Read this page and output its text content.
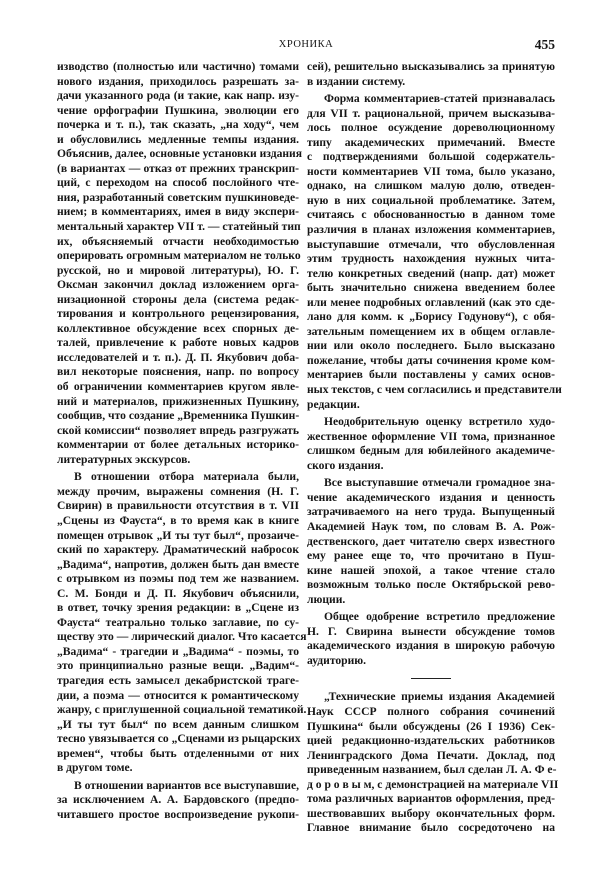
ХРОНИКА	455
изводство (полностью или частично) томами
нового издания, приходилось разрешать за-
дачи указанного рода (и такие, как напр. изу-
чение орфографии Пушкина, эволюции его
почерка и т. п.), так сказать, „на ходу“, чем
и обусловились медленные темпы издания.
Объяснив, далее, основные установки издания
(в вариантах — отказ от прежних транскрип-
ций, с переходом на способ послойного чте-
ния, разработанный советским пушкиноведе-
нием; в комментариях, имея в виду экспери-
ментальный характер VII т. — статейный тип
их, объясняемый отчасти необходимостью
оперировать огромным материалом не только
русской, но и мировой литературы), Ю. Г.
Оксман закончил доклад изложением орга-
низационной стороны дела (система редак-
тирования и контрольного рецензирования,
коллективное обсуждение всех спорных де-
талей, привлечение к работе новых кадров
исследователей и т. п.). Д. П. Якубович доба-
вил некоторые пояснения, напр. по вопросу
об ограничении комментариев кругом явле-
ний и материалов, прижизненных Пушкину,
сообщив, что создание „Временника Пушкин-
ской комиссии“ позволяет впредь разгружать
комментарии от более детальных историко-
литературных экскурсов.
В отношении отбора материала были,
между прочим, выражены сомнения (Н. Г.
Свирин) в правильности отсутствия в т. VII
„Сцены из Фауста“, в то время как в книге
помещен отрывок „И ты тут был“, прозаиче-
ский по характеру. Драматический набросок
„Вадима“, напротив, должен быть дан вместе
с отрывком из поэмы под тем же названием.
С. М. Бонди и Д. П. Якубович объяснили,
в ответ, точку зрения редакции: в „Сцене из
Фауста“ театрально только заглавие, по су-
ществу это — лирический диалог. Что касается
„Вадима“ - трагедии и „Вадима“ - поэмы, то
это принципиально разные вещи. „Вадим“-
трагедия есть замысел декабристской траге-
дии, а поэма — относится к романтическому
жанру, с приглушенной социальной тематикой.
„И ты тут был“ по всем данным слишком
тесно увязывается со „Сценами из рыцарских
времен“, чтобы быть отделенными от них
в другом томе.
В отношении вариантов все выступавшие,
за исключением А. А. Бардовского (предпо-
читавшего простое воспроизведение рукопи-
сей), решительно высказывались за принятую
в издании систему.
Форма комментариев-статей признавалась
для VII т. рациональной, причем высказыва-
лось полное осуждение дореволюционному
типу академических примечаний. Вместе
с подтверждениями большой содержатель-
ности комментариев VII тома, было указано,
однако, на слишком малую долю, отведен-
ную в них социальной проблематике. Затем,
считаясь с обоснованностью в данном томе
различия в планах изложения комментариев,
выступавшие отмечали, что обусловленная
этим трудность нахождения нужных чита-
телю конкретных сведений (напр. дат) может
быть значительно снижена введением более
или менее подробных оглавлений (как это сде-
лано для комм. к „Борису Годунову“), с обя-
зательным помещением их в общем оглавле-
нии или около последнего. Было высказано
пожелание, чтобы даты сочинения кроме ком-
ментариев были поставлены у самих основ-
ных текстов, с чем согласились и представители
редакции.
Неодобрительную оценку встретило худо-
жественное оформление VII тома, признанное
слишком бедным для юбилейного академиче-
ского издания.
Все выступавшие отмечали громадное зна-
чение академического издания и ценность
затрачиваемого на него труда. Выпущенный
Академией Наук том, по словам В. А. Рож-
дественского, дает читателю сверх известного
ему ранее еще то, что прочитано в Пуш-
кине нашей эпохой, а такое чтение стало
возможным только после Октябрьской рево-
люции.
Общее одобрение встретило предложение
Н. Г. Свирина вынести обсуждение томов
академического издания в широкую рабочую
аудиторию.
„Технические приемы издания Академией
Наук СССР полного собрания сочинений
Пушкина“ были обсуждены (26 I 1936) Сек-
цией редакционно-издательских работников
Ленинградского Дома Печати. Доклад, под
приведенным названием, был сделан Л. А. Ф е-
д о р о в ы м, с демонстрацией на материале VII
тома различных вариантов оформления, пред-
шествовавших выбору окончательных форм.
Главное внимание было сосредоточено на
